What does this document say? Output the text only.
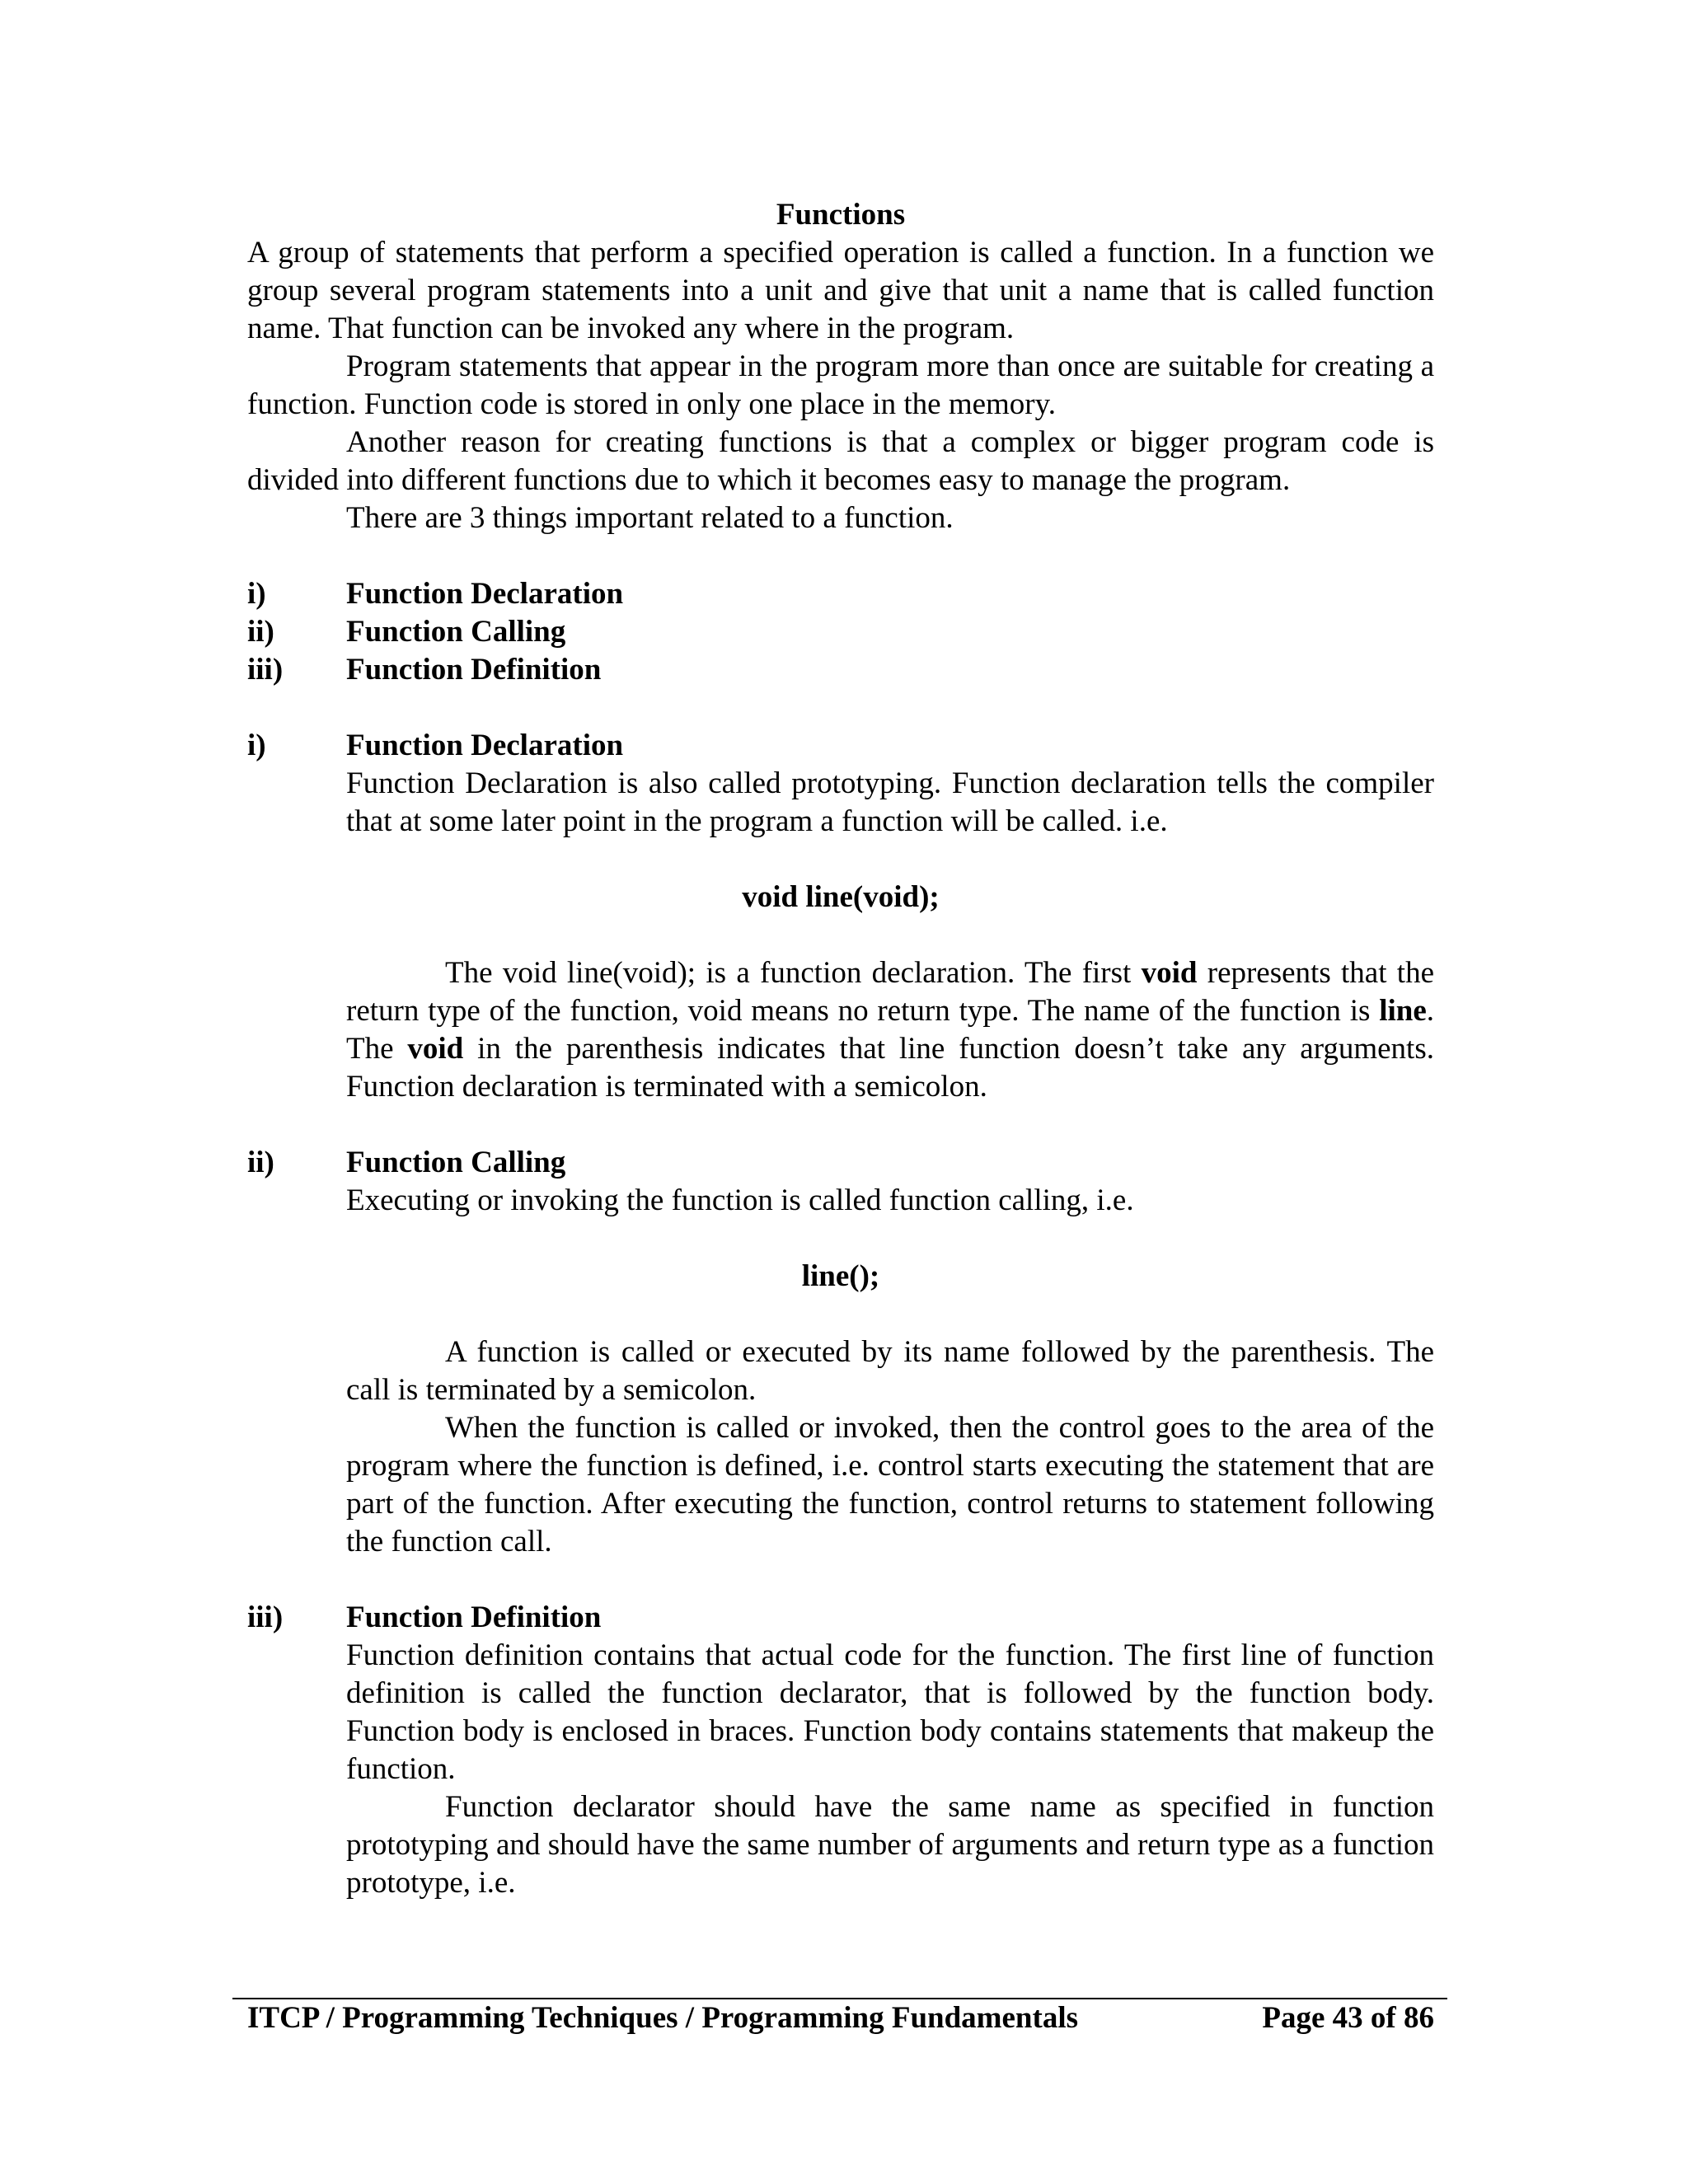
Functions

A group of statements that perform a specified operation is called a function. In a function we group several program statements into a unit and give that unit a name that is called function name. That function can be invoked any where in the program.

Program statements that appear in the program more than once are suitable for creating a function. Function code is stored in only one place in the memory.

Another reason for creating functions is that a complex or bigger program code is divided into different functions due to which it becomes easy to manage the program.

There are 3 things important related to a function.

i)	Function Declaration
ii)	Function Calling
iii)	Function Definition
i)	Function Declaration

Function Declaration is also called prototyping. Function declaration tells the compiler that at some later point in the program a function will be called. i.e.

void line(void);

The void line(void); is a function declaration. The first void represents that the return type of the function, void means no return type. The name of the function is line. The void in the parenthesis indicates that line function doesn’t take any arguments. Function declaration is terminated with a semicolon.

ii)	Function Calling

Executing or invoking the function is called function calling, i.e.

line();

A function is called or executed by its name followed by the parenthesis. The call is terminated by a semicolon.

When the function is called or invoked, then the control goes to the area of the program where the function is defined, i.e. control starts executing the statement that are part of the function. After executing the function, control returns to statement following the function call.

iii)	Function Definition

Function definition contains that actual code for the function. The first line of function definition is called the function declarator, that is followed by the function body. Function body is enclosed in braces. Function body contains statements that makeup the function.

Function declarator should have the same name as specified in function prototyping and should have the same number of arguments and return type as a function prototype, i.e.

ITCP / Programming Techniques / Programming Fundamentals	Page 43 of 86
